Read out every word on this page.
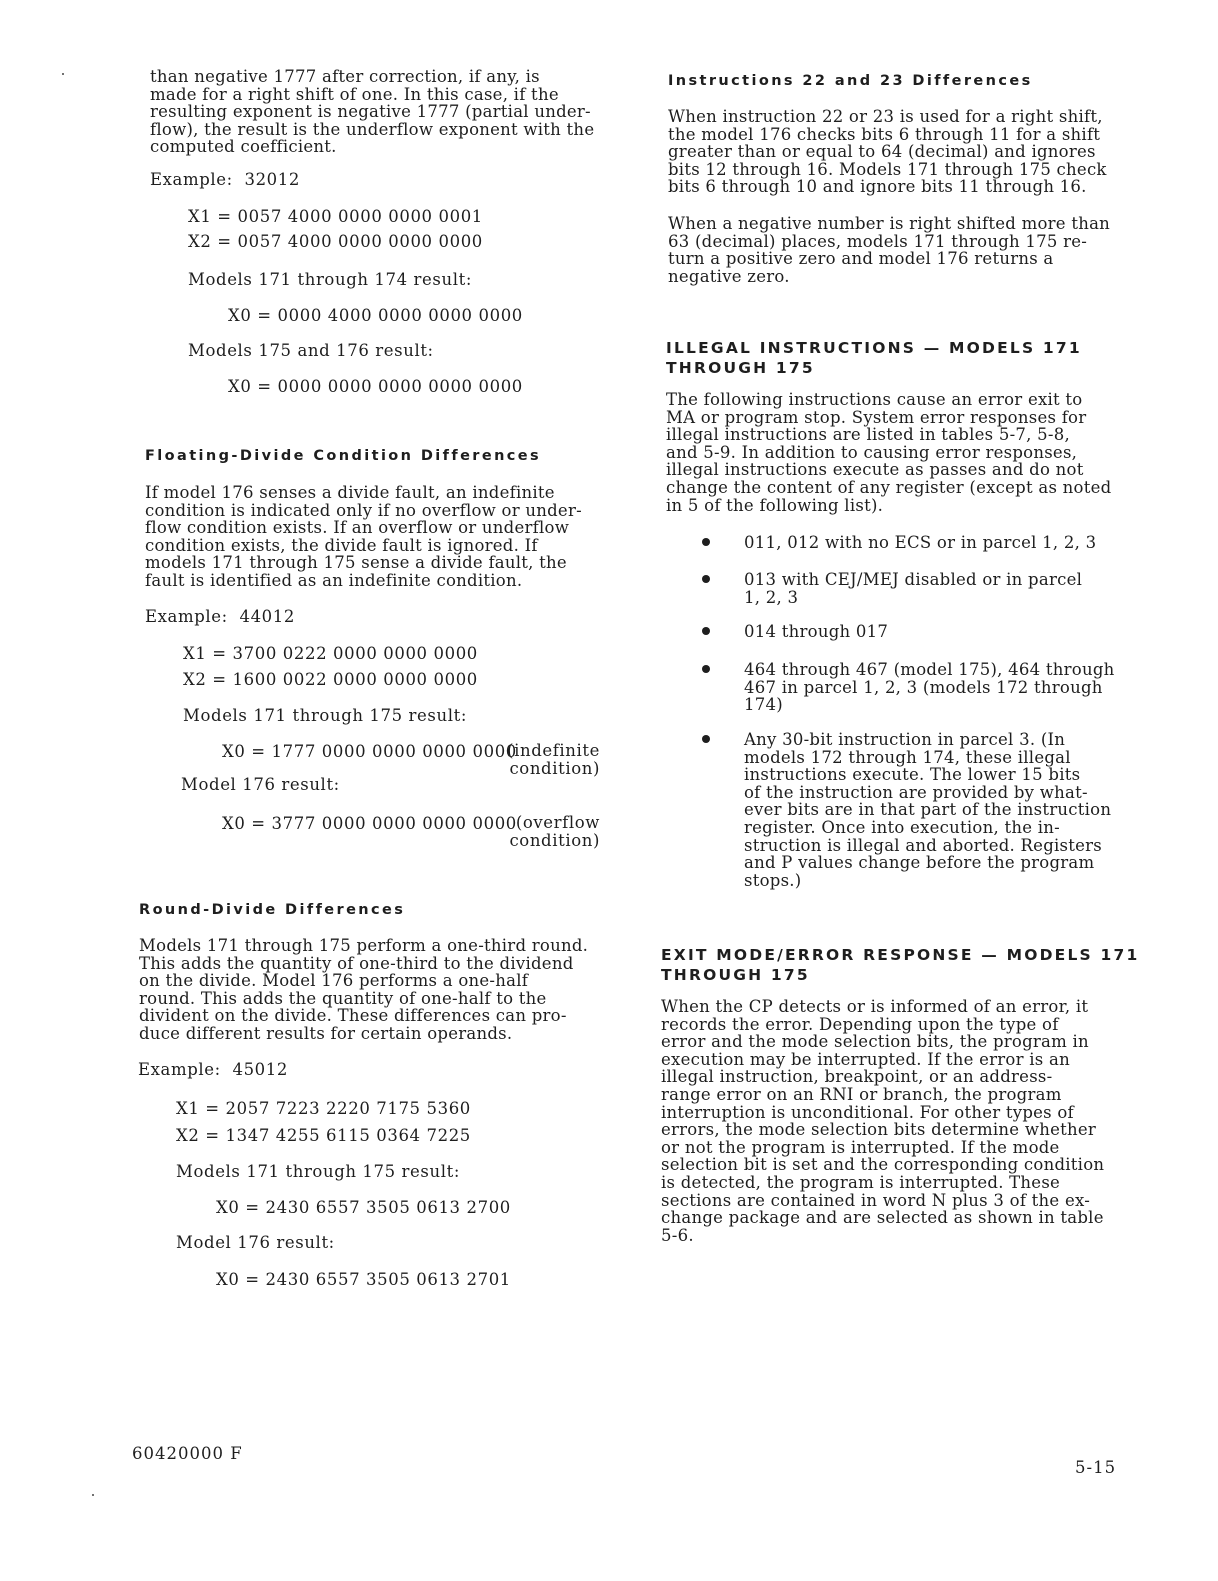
than negative 1777 after correction, if any, is
made for a right shift of one. In this case, if the
resulting exponent is negative 1777 (partial under-
flow), the result is the underflow exponent with the
computed coefficient.

Example:  32012
X1 = 0057 4000 0000 0000 0001
X2 = 0057 4000 0000 0000 0000
Models 171 through 174 result:
X0 = 0000 4000 0000 0000 0000
Models 175 and 176 result:
X0 = 0000 0000 0000 0000 0000
Floating-Divide Condition Differences

If model 176 senses a divide fault, an indefinite
condition is indicated only if no overflow or under-
flow condition exists. If an overflow or underflow
condition exists, the divide fault is ignored. If
models 171 through 175 sense a divide fault, the
fault is identified as an indefinite condition.

Example:  44012
X1 = 3700 0222 0000 0000 0000
X2 = 1600 0022 0000 0000 0000
Models 171 through 175 result:
X0 = 1777 0000 0000 0000 0000
(indefinite
condition)
Model 176 result:
X0 = 3777 0000 0000 0000 0000
(overflow
condition)
Round-Divide Differences

Models 171 through 175 perform a one-third round.
This adds the quantity of one-third to the dividend
on the divide. Model 176 performs a one-half
round. This adds the quantity of one-half to the
divident on the divide. These differences can pro-
duce different results for certain operands.

Example:  45012
X1 = 2057 7223 2220 7175 5360
X2 = 1347 4255 6115 0364 7225
Models 171 through 175 result:
X0 = 2430 6557 3505 0613 2700
Model 176 result:
X0 = 2430 6557 3505 0613 2701
Instructions 22 and 23 Differences

When instruction 22 or 23 is used for a right shift,
the model 176 checks bits 6 through 11 for a shift
greater than or equal to 64 (decimal) and ignores
bits 12 through 16. Models 171 through 175 check
bits 6 through 10 and ignore bits 11 through 16.

When a negative number is right shifted more than
63 (decimal) places, models 171 through 175 re-
turn a positive zero and model 176 returns a
negative zero.

ILLEGAL INSTRUCTIONS — MODELS 171
THROUGH 175

The following instructions cause an error exit to
MA or program stop. System error responses for
illegal instructions are listed in tables 5-7, 5-8,
and 5-9. In addition to causing error responses,
illegal instructions execute as passes and do not
change the content of any register (except as noted
in 5 of the following list).

011, 012 with no ECS or in parcel 1, 2, 3

013 with CEJ/MEJ disabled or in parcel
1, 2, 3

014 through 017

464 through 467 (model 175), 464 through
467 in parcel 1, 2, 3 (models 172 through
174)

Any 30-bit instruction in parcel 3. (In
models 172 through 174, these illegal
instructions execute. The lower 15 bits
of the instruction are provided by what-
ever bits are in that part of the instruction
register. Once into execution, the in-
struction is illegal and aborted. Registers
and P values change before the program
stops.)

EXIT MODE/ERROR RESPONSE — MODELS 171
THROUGH 175

When the CP detects or is informed of an error, it
records the error. Depending upon the type of
error and the mode selection bits, the program in
execution may be interrupted. If the error is an
illegal instruction, breakpoint, or an address-
range error on an RNI or branch, the program
interruption is unconditional. For other types of
errors, the mode selection bits determine whether
or not the program is interrupted. If the mode
selection bit is set and the corresponding condition
is detected, the program is interrupted. These
sections are contained in word N plus 3 of the ex-
change package and are selected as shown in table
5-6.

60420000 F
5-15
